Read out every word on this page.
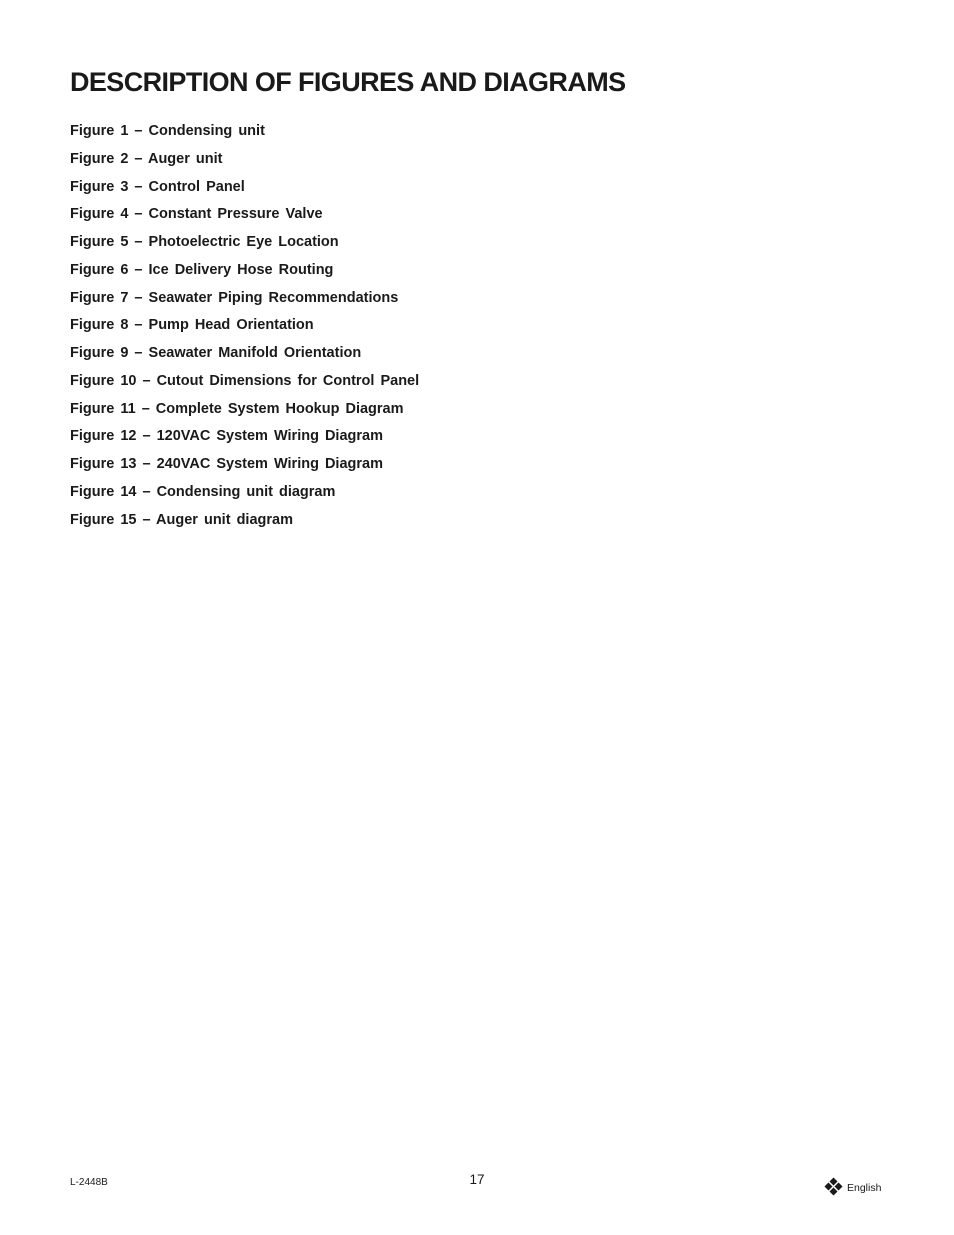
DESCRIPTION OF FIGURES AND DIAGRAMS
Figure 1 – Condensing unit
Figure 2 – Auger unit
Figure 3 – Control Panel
Figure 4 – Constant Pressure Valve
Figure 5 – Photoelectric Eye Location
Figure 6 – Ice Delivery Hose Routing
Figure 7 – Seawater Piping Recommendations
Figure 8 – Pump Head Orientation
Figure 9 – Seawater Manifold Orientation
Figure 10 – Cutout Dimensions for Control Panel
Figure 11 – Complete System Hookup Diagram
Figure 12 – 120VAC System Wiring Diagram
Figure 13 – 240VAC System Wiring Diagram
Figure 14 – Condensing unit diagram
Figure 15 – Auger unit diagram
L-2448B	17
English
